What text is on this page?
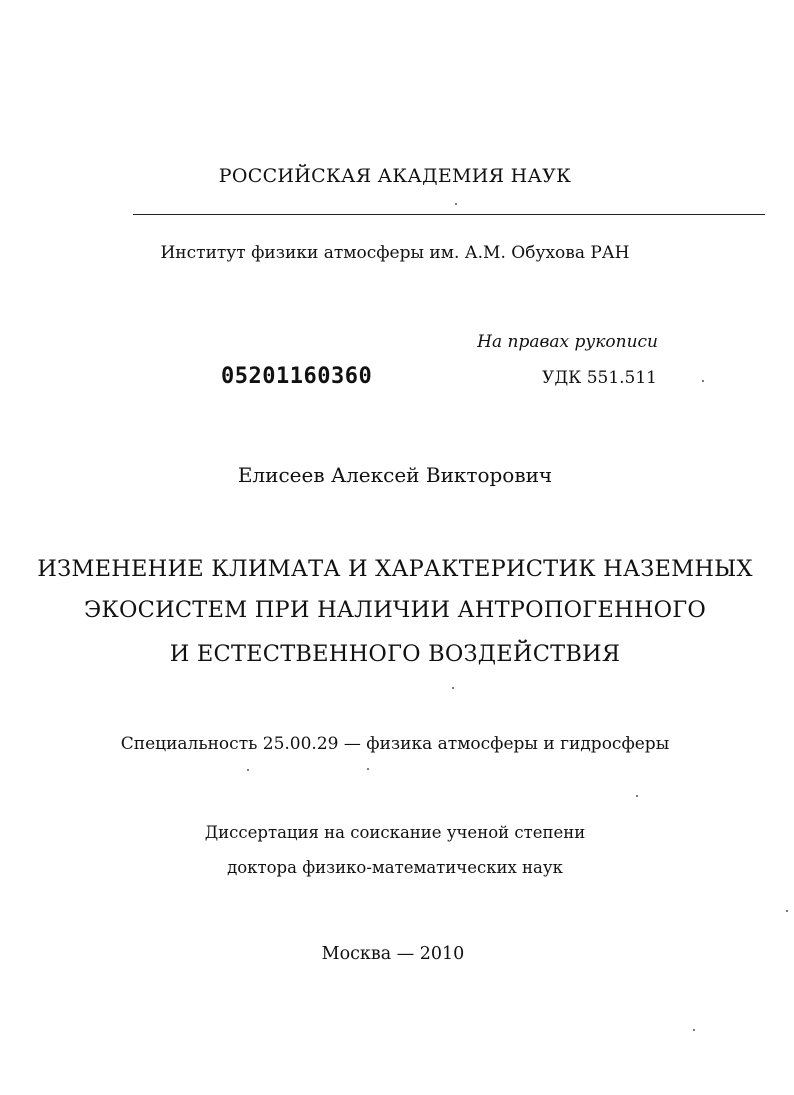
РОССИЙСКАЯ АКАДЕМИЯ НАУК
Институт физики атмосферы им. А.М. Обухова РАН
На правах рукописи
05201160360	УДК 551.511
Елисеев Алексей Викторович
ИЗМЕНЕНИЕ КЛИМАТА И ХАРАКТЕРИСТИК НАЗЕМНЫХ
ЭКОСИСТЕМ ПРИ НАЛИЧИИ АНТРОПОГЕННОГО
И ЕСТЕСТВЕННОГО ВОЗДЕЙСТВИЯ
Специальность 25.00.29 — физика атмосферы и гидросферы
Диссертация на соискание ученой степени
доктора физико-математических наук
Москва — 2010
